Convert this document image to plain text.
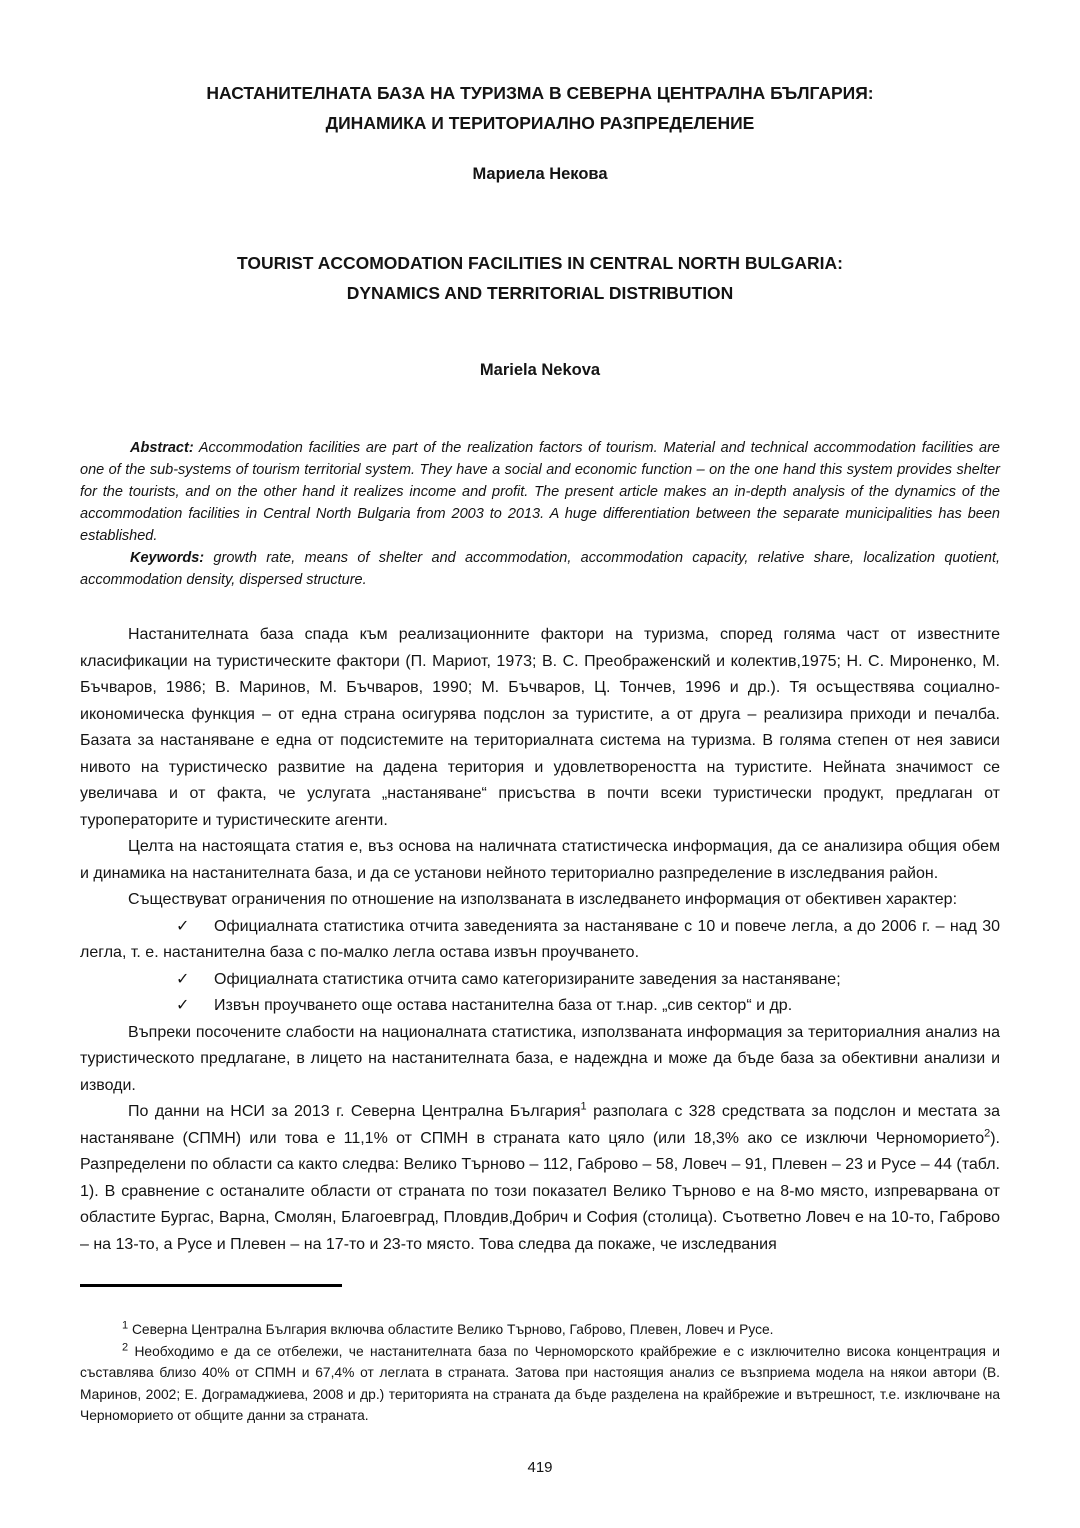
НАСТАНИТЕЛНАТА БАЗА НА ТУРИЗМА В СЕВЕРНА ЦЕНТРАЛНА БЪЛГАРИЯ:
ДИНАМИКА И ТЕРИТОРИАЛНО РАЗПРЕДЕЛЕНИЕ
Мариела Некова
TOURIST ACCOMODATION FACILITIES IN CENTRAL NORTH BULGARIA:
DYNAMICS AND TERRITORIAL DISTRIBUTION
Mariela Nekova

Abstract: Accommodation facilities are part of the realization factors of tourism. Material and technical accommodation facilities are one of the sub-systems of tourism territorial system. They have a social and economic function – on the one hand this system provides shelter for the tourists, and on the other hand it realizes income and profit. The present article makes an in-depth analysis of the dynamics of the accommodation facilities in Central North Bulgaria from 2003 to 2013. A huge differentiation between the separate municipalities has been established.

Keywords: growth rate, means of shelter and accommodation, accommodation capacity, relative share, localization quotient, accommodation density, dispersed structure.

Настанителната база спада към реализационните фактори на туризма, според голяма част от известните класификации на туристическите фактори (П. Мариот, 1973; В. С. Преображенский и колектив,1975; Н. С. Мироненко, М. Бъчваров, 1986; В. Маринов, М. Бъчваров, 1990; М. Бъчваров, Ц. Тончев, 1996 и др.). Тя осъществява социално-икономическа функция – от една страна осигурява подслон за туристите, а от друга – реализира приходи и печалба. Базата за настаняване е една от подсистемите на териториалната система на туризма. В голяма степен от нея зависи нивото на туристическо развитие на дадена територия и удовлетвореността на туристите. Нейната значимост се увеличава и от факта, че услугата „настаняване“ присъства в почти всеки туристически продукт, предлаган от туроператорите и туристическите агенти.

Целта на настоящата статия е, въз основа на наличната статистическа информация, да се анализира общия обем и динамика на настанителната база, и да се установи нейното териториално разпределение в изследвания район.

Съществуват ограничения по отношение на използваната в изследването информация от обективен характер:

✓ Официалната статистика отчита заведенията за настаняване с 10 и повече легла, а до 2006 г. – над 30 легла, т. е. настанителна база с по-малко легла остава извън проучването.

✓ Официалната статистика отчита само категоризираните заведения за настаняване;

✓ Извън проучването още остава настанителна база от т.нар. „сив сектор“ и др.

Въпреки посочените слабости на националната статистика, използваната информация за териториалния анализ на туристическото предлагане, в лицето на настанителната база, е надеждна и може да бъде база за обективни анализи и изводи.

По данни на НСИ за 2013 г. Северна Централна България$^1$ разполага с 328 средствата за подслон и местата за настаняване (СПМН) или това е 11,1% от СПМН в страната като цяло (или 18,3% ако се изключи Черноморието$^2$). Разпределени по области са както следва: Велико Търново – 112, Габрово – 58, Ловеч – 91, Плевен – 23 и Русе – 44 (табл. 1). В сравнение с останалите области от страната по този показател Велико Търново е на 8-мо място, изпреварвана от областите Бургас, Варна, Смолян, Благоевград, Пловдив,Добрич и София (столица). Съответно Ловеч е на 10-то, Габрово – на 13-то, а Русе и Плевен – на 17-то и 23-то място. Това следва да покаже, че изследвания

$^1$ Северна Централна България включва областите Велико Търново, Габрово, Плевен, Ловеч и Русе.

$^2$ Необходимо е да се отбележи, че настанителната база по Черноморското крайбрежие е с изключително висока концентрация и съставлява близо 40% от СПМН и 67,4% от леглата в страната. Затова при настоящия анализ се възприема модела на някои автори (В. Маринов, 2002; Е. Дограмаджиева, 2008 и др.) територията на страната да бъде разделена на крайбрежие и вътрешност, т.е. изключване на Черноморието от общите данни за страната.

419
